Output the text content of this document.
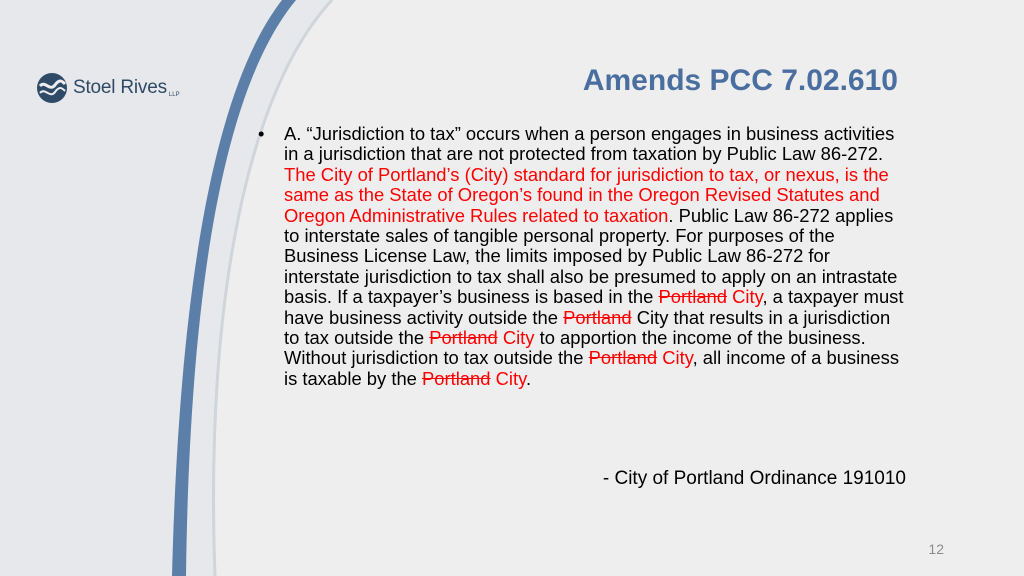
Stoel Rives LLP	Amends PCC 7.02.610
• A. “Jurisdiction to tax” occurs when a person engages in business activities in a jurisdiction that are not protected from taxation by Public Law 86-272. The City of Portland’s (City) standard for jurisdiction to tax, or nexus, is the same as the State of Oregon’s found in the Oregon Revised Statutes and Oregon Administrative Rules related to taxation. Public Law 86-272 applies to interstate sales of tangible personal property. For purposes of the Business License Law, the limits imposed by Public Law 86-272 for interstate jurisdiction to tax shall also be presumed to apply on an intrastate basis. If a taxpayer’s business is based in the Portland City, a taxpayer must have business activity outside the Portland City that results in a jurisdiction to tax outside the Portland City to apportion the income of the business. Without jurisdiction to tax outside the Portland City, all income of a business is taxable by the Portland City.
- City of Portland Ordinance 191010
12
